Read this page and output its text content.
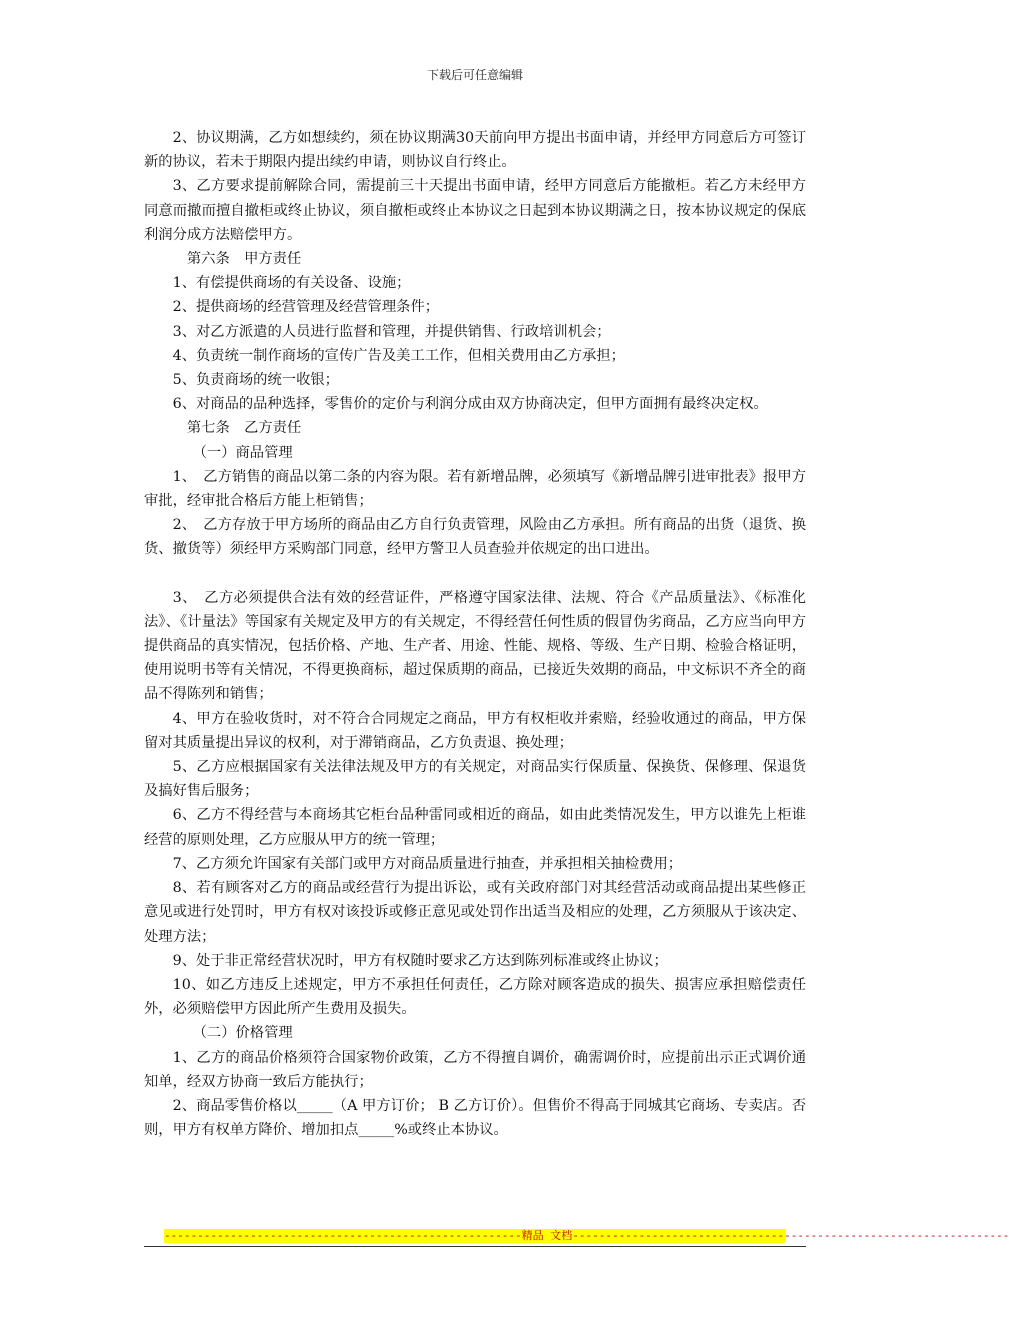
下载后可任意编辑

2、协议期满，乙方如想续约，须在协议期满30天前向甲方提出书面申请，并经甲方同意后方可签订新的协议，若未于期限内提出续约申请，则协议自行终止。

3、乙方要求提前解除合同，需提前三十天提出书面申请，经甲方同意后方能撤柜。若乙方未经甲方同意而撤而擅自撤柜或终止协议，须自撤柜或终止本协议之日起到本协议期满之日，按本协议规定的保底利润分成方法赔偿甲方。

第六条　甲方责任

1、有偿提供商场的有关设备、设施；

2、提供商场的经营管理及经营管理条件；

3、对乙方派遣的人员进行监督和管理，并提供销售、行政培训机会；

4、负责统一制作商场的宣传广告及美工工作，但相关费用由乙方承担；

5、负责商场的统一收银；

6、对商品的品种选择，零售价的定价与利润分成由双方协商决定，但甲方面拥有最终决定权。

第七条　乙方责任

（一）商品管理

1、　乙方销售的商品以第二条的内容为限。若有新增品牌，必须填写《新增品牌引进审批表》报甲方审批，经审批合格后方能上柜销售；

2、　乙方存放于甲方场所的商品由乙方自行负责管理，风险由乙方承担。所有商品的出货（退货、换货、撤货等）须经甲方采购部门同意，经甲方警卫人员查验并依规定的出口进出。

3、　乙方必须提供合法有效的经营证件，严格遵守国家法律、法规、符合《产品质量法》、《标准化法》、《计量法》等国家有关规定及甲方的有关规定，不得经营任何性质的假冒伪劣商品，乙方应当向甲方提供商品的真实情况，包括价格、产地、生产者、用途、性能、规格、等级、生产日期、检验合格证明，使用说明书等有关情况，不得更换商标，超过保质期的商品，已接近失效期的商品，中文标识不齐全的商品不得陈列和销售；

4、甲方在验收货时，对不符合合同规定之商品，甲方有权柜收并索赔，经验收通过的商品，甲方保留对其质量提出异议的权利，对于滞销商品，乙方负责退、换处理；

5、乙方应根据国家有关法律法规及甲方的有关规定，对商品实行保质量、保换货、保修理、保退货及搞好售后服务；

6、乙方不得经营与本商场其它柜台品种雷同或相近的商品，如由此类情况发生，甲方以谁先上柜谁经营的原则处理，乙方应服从甲方的统一管理；

7、乙方须允许国家有关部门或甲方对商品质量进行抽查，并承担相关抽检费用；

8、若有顾客对乙方的商品或经营行为提出诉讼，或有关政府部门对其经营活动或商品提出某些修正意见或进行处罚时，甲方有权对该投诉或修正意见或处罚作出适当及相应的处理，乙方须服从于该决定、处理方法；

9、处于非正常经营状况时，甲方有权随时要求乙方达到陈列标准或终止协议；

10、如乙方违反上述规定，甲方不承担任何责任，乙方除对顾客造成的损失、损害应承担赔偿责任外，必须赔偿甲方因此所产生费用及损失。

（二）价格管理

1、乙方的商品价格须符合国家物价政策，乙方不得擅自调价，确需调价时，应提前出示正式调价通知单，经双方协商一致后方能执行；

2、商品零售价格以_____（A 甲方订价； B 乙方订价）。但售价不得高于同城其它商场、专卖店。否则，甲方有权单方降价、增加扣点_____%或终止本协议。

------------------------------------------------------精品 文档------------------------------------------------------------------
